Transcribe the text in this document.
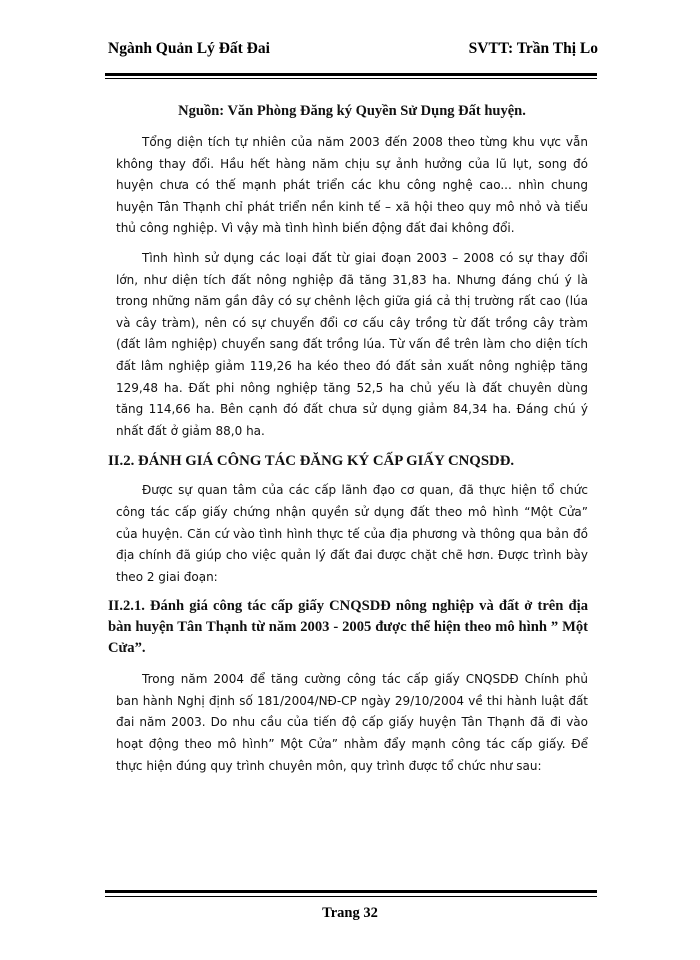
Ngành Quản Lý Đất Đai	SVTT: Trần Thị Lo
Nguồn: Văn Phòng Đăng ký Quyền Sử Dụng Đất huyện.

Tổng diện tích tự nhiên của năm 2003 đến 2008 theo từng khu vực vẫn không thay đổi. Hầu hết hàng năm chịu sự ảnh hưởng của lũ lụt, song đó huyện chưa có thế mạnh phát triển các khu công nghệ cao... nhìn chung huyện Tân Thạnh chỉ phát triển nền kinh tế – xã hội theo quy mô nhỏ và tiểu thủ công nghiệp. Vì vậy mà tình hình biến động đất đai không đổi.

Tình hình sử dụng các loại đất từ giai đoạn 2003 – 2008 có sự thay đổi lớn, như diện tích đất nông nghiệp đã tăng 31,83 ha. Nhưng đáng chú ý là trong những năm gần đây có sự chênh lệch giữa giá cả thị trường rất cao (lúa và cây tràm), nên có sự chuyển đổi cơ cấu cây trồng từ đất trồng cây tràm (đất lâm nghiệp) chuyển sang đất trồng lúa. Từ vấn đề trên làm cho diện tích đất lâm nghiệp giảm 119,26 ha kéo theo đó đất sản xuất nông nghiệp tăng 129,48 ha. Đất phi nông nghiệp tăng 52,5 ha chủ yếu là đất chuyên dùng tăng 114,66 ha. Bên cạnh đó đất chưa sử dụng giảm 84,34 ha. Đáng chú ý nhất đất ở giảm 88,0 ha.

II.2. ĐÁNH GIÁ CÔNG TÁC ĐĂNG KÝ CẤP GIẤY CNQSDĐ.

Được sự quan tâm của các cấp lãnh đạo cơ quan, đã thực hiện tổ chức công tác cấp giấy chứng nhận quyền sử dụng đất theo mô hình “Một Cửa” của huyện. Căn cứ vào tình hình thực tế của địa phương và thông qua bản đồ địa chính đã giúp cho việc quản lý đất đai được chặt chẽ hơn. Được trình bày theo 2 giai đoạn:

II.2.1. Đánh giá công tác cấp giấy CNQSDĐ nông nghiệp và đất ở trên địa bàn huyện Tân Thạnh từ năm 2003 - 2005 được thể hiện theo mô hình ” Một Cửa”.

Trong năm 2004 để tăng cường công tác cấp giấy CNQSDĐ Chính phủ ban hành Nghị định số 181/2004/NĐ-CP ngày 29/10/2004 về thi hành luật đất đai năm 2003. Do nhu cầu của tiến độ cấp giấy huyện Tân Thạnh đã đi vào hoạt động theo mô hình” Một Cửa” nhằm đẩy mạnh công tác cấp giấy. Để thực hiện đúng quy trình chuyên môn, quy trình được tổ chức như sau:

Trang 32
